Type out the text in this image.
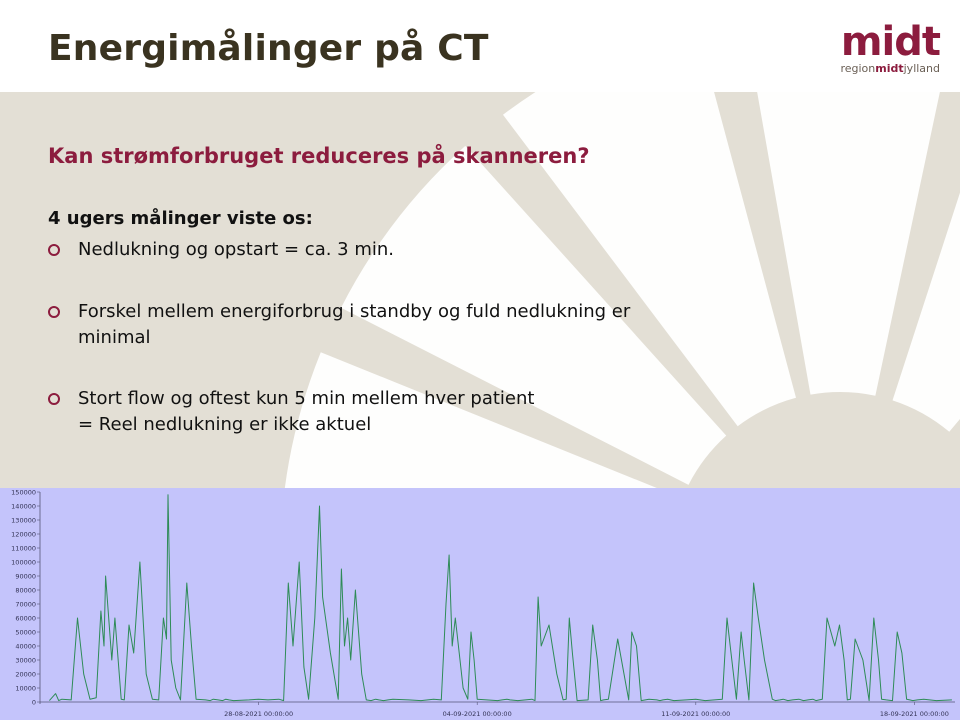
Energimålinger på CT	midt
regionmidtjylland
Kan strømforbruget reduceres på skanneren?
4 ugers målinger viste os:
Nedlukning og opstart = ca. 3 min.
Forskel mellem energiforbrug i standby og fuld nedlukning er
minimal
Stort flow og oftest kun 5 min mellem hver patient
= Reel nedlukning er ikke aktuel
0
10000
20000
30000
40000
50000
60000
70000
80000
90000
100000
110000
120000
130000
140000
150000
28-08-2021 00:00:00	04-09-2021 00:00:00	11-09-2021 00:00:00	18-09-2021 00:00:00
